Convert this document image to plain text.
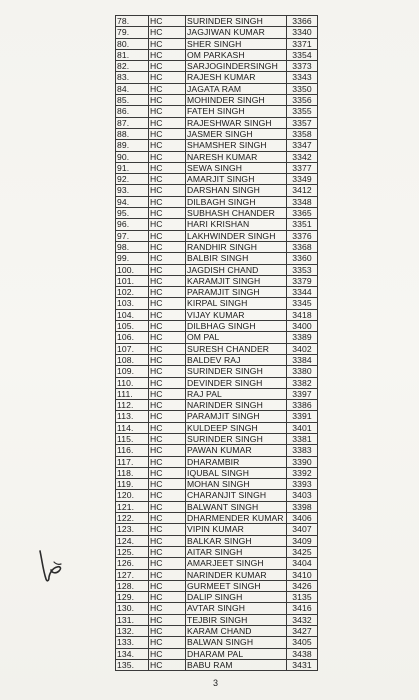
78.	HC	SURINDER SINGH	3366
79.	HC	JAGJIWAN KUMAR	3340
80.	HC	SHER SINGH	3371
81.	HC	OM PARKASH	3354
82.	HC	SARJOGINDERSINGH	3373
83.	HC	RAJESH KUMAR	3343
84.	HC	JAGATA RAM	3350
85.	HC	MOHINDER SINGH	3356
86.	HC	FATEH SINGH	3355
87.	HC	RAJESHWAR SINGH	3357
88.	HC	JASMER SINGH	3358
89.	HC	SHAMSHER SINGH	3347
90.	HC	NARESH KUMAR	3342
91.	HC	SEWA SINGH	3377
92.	HC	AMARJIT SINGH	3349
93.	HC	DARSHAN SINGH	3412
94.	HC	DILBAGH SINGH	3348
95.	HC	SUBHASH CHANDER	3365
96.	HC	HARI KRISHAN	3351
97.	HC	LAKHWINDER SINGH	3376
98.	HC	RANDHIR SINGH	3368
99.	HC	BALBIR SINGH	3360
100.	HC	JAGDISH CHAND	3353
101.	HC	KARAMJIT SINGH	3379
102.	HC	PARAMJIT SINGH	3344
103.	HC	KIRPAL SINGH	3345
104.	HC	VIJAY KUMAR	3418
105.	HC	DILBHAG SINGH	3400
106.	HC	OM PAL	3389
107.	HC	SURESH CHANDER	3402
108.	HC	BALDEV RAJ	3384
109.	HC	SURINDER SINGH	3380
110.	HC	DEVINDER SINGH	3382
111.	HC	RAJ PAL	3397
112.	HC	NARINDER SINGH	3386
113.	HC	PARAMJIT SINGH	3391
114.	HC	KULDEEP SINGH	3401
115.	HC	SURINDER SINGH	3381
116.	HC	PAWAN KUMAR	3383
117.	HC	DHARAMBIR	3390
118.	HC	IQUBAL SINGH	3392
119.	HC	MOHAN SINGH	3393
120.	HC	CHARANJIT SINGH	3403
121.	HC	BALWANT SINGH	3398
122.	HC	DHARMENDER KUMAR	3406
123.	HC	VIPIN KUMAR	3407
124.	HC	BALKAR SINGH	3409
125.	HC	AITAR SINGH	3425
126.	HC	AMARJEET SINGH	3404
127.	HC	NARINDER KUMAR	3410
128.	HC	GURMEET SINGH	3426
129.	HC	DALIP SINGH	3135
130.	HC	AVTAR SINGH	3416
131.	HC	TEJBIR SINGH	3432
132.	HC	KARAM CHAND	3427
133.	HC	BALWAN SINGH	3405
134.	HC	DHARAM PAL	3438
135.	HC	BABU RAM	3431
3
